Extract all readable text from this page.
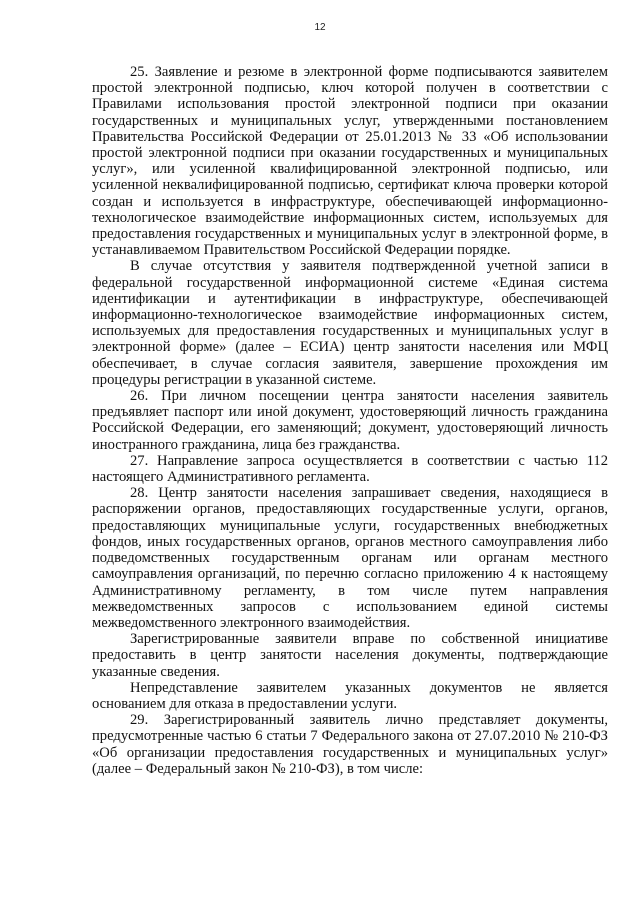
12

25. Заявление и резюме в электронной форме подписываются заявителем простой электронной подписью, ключ которой получен в соответствии с Правилами использования простой электронной подписи при оказании государственных и муниципальных услуг, утвержденными постановлением Правительства Российской Федерации от 25.01.2013 № 33 «Об использовании простой электронной подписи при оказании государственных и муниципальных услуг», или усиленной квалифицированной электронной подписью, или усиленной неквалифицированной подписью, сертификат ключа проверки которой создан и используется в инфраструктуре, обеспечивающей информационно-технологическое взаимодействие информационных систем, используемых для предоставления государственных и муниципальных услуг в электронной форме, в устанавливаемом Правительством Российской Федерации порядке.

В случае отсутствия у заявителя подтвержденной учетной записи в федеральной государственной информационной системе «Единая система идентификации и аутентификации в инфраструктуре, обеспечивающей информационно-технологическое взаимодействие информационных систем, используемых для предоставления государственных и муниципальных услуг в электронной форме» (далее – ЕСИА) центр занятости населения или МФЦ обеспечивает, в случае согласия заявителя, завершение прохождения им процедуры регистрации в указанной системе.

26. При личном посещении центра занятости населения заявитель предъявляет паспорт или иной документ, удостоверяющий личность гражданина Российской Федерации, его заменяющий; документ, удостоверяющий личность иностранного гражданина, лица без гражданства.

27. Направление запроса осуществляется в соответствии с частью 112 настоящего Административного регламента.

28. Центр занятости населения запрашивает сведения, находящиеся в распоряжении органов, предоставляющих государственные услуги, органов, предоставляющих муниципальные услуги, государственных внебюджетных фондов, иных государственных органов, органов местного самоуправления либо подведомственных государственным органам или органам местного самоуправления организаций, по перечню согласно приложению 4 к настоящему Административному регламенту, в том числе путем направления межведомственных запросов с использованием единой системы межведомственного электронного взаимодействия.

Зарегистрированные заявители вправе по собственной инициативе предоставить в центр занятости населения документы, подтверждающие указанные сведения.

Непредставление заявителем указанных документов не является основанием для отказа в предоставлении услуги.

29. Зарегистрированный заявитель лично представляет документы, предусмотренные частью 6 статьи 7 Федерального закона от 27.07.2010 № 210-ФЗ «Об организации предоставления государственных и муниципальных услуг» (далее – Федеральный закон № 210-ФЗ), в том числе:
